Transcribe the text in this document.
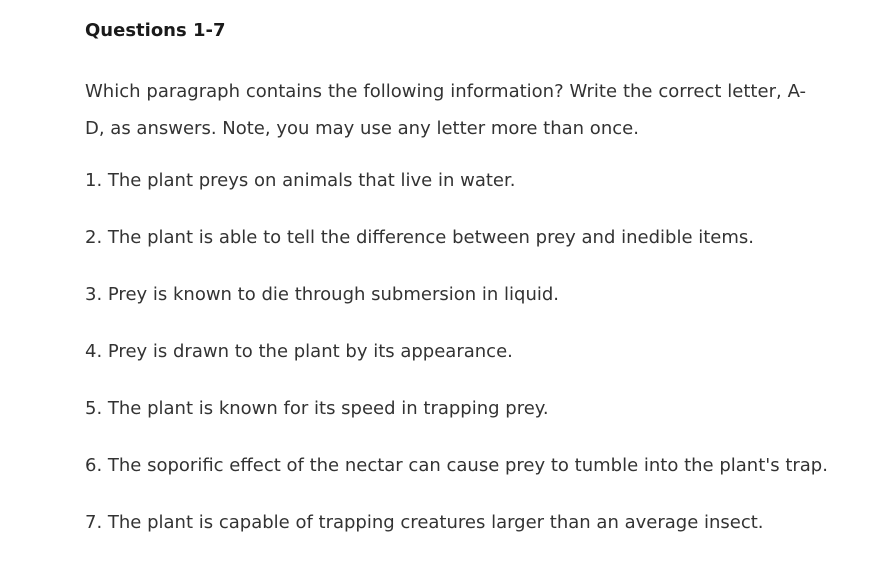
Questions 1-7

Which paragraph contains the following information? Write the correct letter, A-D, as answers. Note, you may use any letter more than once.

1. The plant preys on animals that live in water.
2. The plant is able to tell the difference between prey and inedible items.
3. Prey is known to die through submersion in liquid.
4. Prey is drawn to the plant by its appearance.
5. The plant is known for its speed in trapping prey.
6. The soporific effect of the nectar can cause prey to tumble into the plant's trap.
7. The plant is capable of trapping creatures larger than an average insect.
